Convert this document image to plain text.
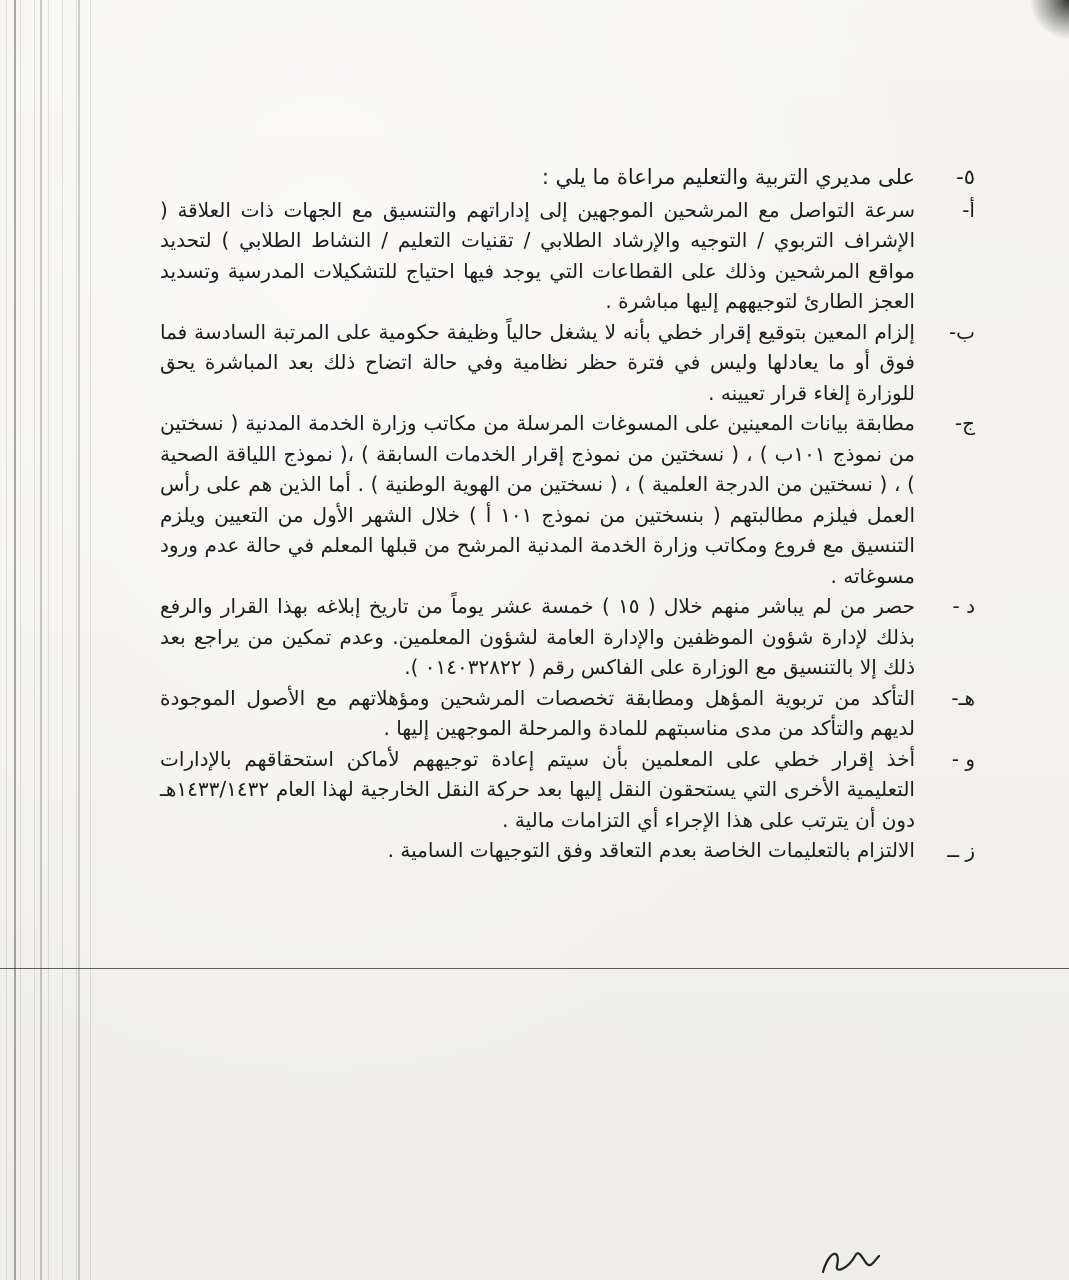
٥-
على مديري التربية والتعليم مراعاة ما يلي :
أ-
سرعة التواصل مع المرشحين الموجهين إلى إداراتهم والتنسيق مع الجهات ذات العلاقة ( الإشراف التربوي / التوجيه والإرشاد الطلابي / تقنيات التعليم / النشاط الطلابي ) لتحديد مواقع المرشحين وذلك على القطاعات التي يوجد فيها احتياج للتشكيلات المدرسية وتسديد العجز الطارئ لتوجيههم إليها مباشرة .
ب-
إلزام المعين بتوقيع إقرار خطي بأنه لا يشغل حالياً وظيفة حكومية على المرتبة السادسة فما فوق أو ما يعادلها وليس في فترة حظر نظامية وفي حالة اتضاح ذلك بعد المباشرة يحق للوزارة إلغاء قرار تعيينه .
ج-
مطابقة بيانات المعينين على المسوغات المرسلة من مكاتب وزارة الخدمة المدنية ( نسختين من نموذج ١٠١ب ) ، ( نسختين من نموذج إقرار الخدمات السابقة ) ،( نموذج اللياقة الصحية ) ، ( نسختين من الدرجة العلمية ) ، ( نسختين من الهوية الوطنية ) . أما الذين هم على رأس العمل فيلزم مطالبتهم ( بنسختين من نموذج ١٠١ أ ) خلال الشهر الأول من التعيين ويلزم التنسيق مع فروع ومكاتب وزارة الخدمة المدنية المرشح من قبلها المعلم في حالة عدم ورود مسوغاته .
د -
حصر من لم يباشر منهم خلال ( ١٥ ) خمسة عشر يوماً من تاريخ إبلاغه بهذا القرار والرفع بذلك لإدارة شؤون الموظفين والإدارة العامة لشؤون المعلمين. وعدم تمكين من يراجع بعد ذلك إلا بالتنسيق مع الوزارة على الفاكس رقم ( ٠١٤٠٣٢٨٢٢ ).
هـ-
التأكد من تربوية المؤهل ومطابقة تخصصات المرشحين ومؤهلاتهم مع الأصول الموجودة لديهم والتأكد من مدى مناسبتهم للمادة والمرحلة الموجهين إليها .
و -
أخذ إقرار خطي على المعلمين بأن سيتم إعادة توجيههم لأماكن استحقاقهم بالإدارات التعليمية الأخرى التي يستحقون النقل إليها بعد حركة النقل الخارجية لهذا العام ١٤٣٣/١٤٣٢هـ دون أن يترتب على هذا الإجراء أي التزامات مالية .
ز ــ
الالتزام بالتعليمات الخاصة بعدم التعاقد وفق التوجيهات السامية .
